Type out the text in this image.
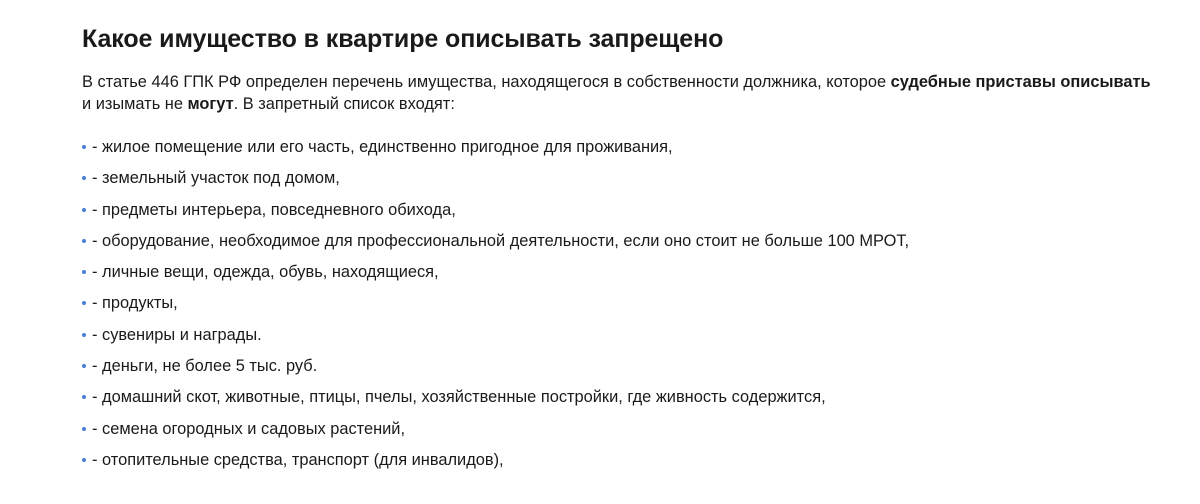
Какое имущество в квартире описывать запрещено

В статье 446 ГПК РФ определен перечень имущества, находящегося в собственности должника, которое судебные приставы описывать и изымать не могут. В запретный список входят:

- жилое помещение или его часть, единственно пригодное для проживания,
- земельный участок под домом,
- предметы интерьера, повседневного обихода,
- оборудование, необходимое для профессиональной деятельности, если оно стоит не больше 100 МРОТ,
- личные вещи, одежда, обувь, находящиеся,
- продукты,
- сувениры и награды.
- деньги, не более 5 тыс. руб.
- домашний скот, животные, птицы, пчелы, хозяйственные постройки, где живность содержится,
- семена огородных и садовых растений,
- отопительные средства, транспорт (для инвалидов),
